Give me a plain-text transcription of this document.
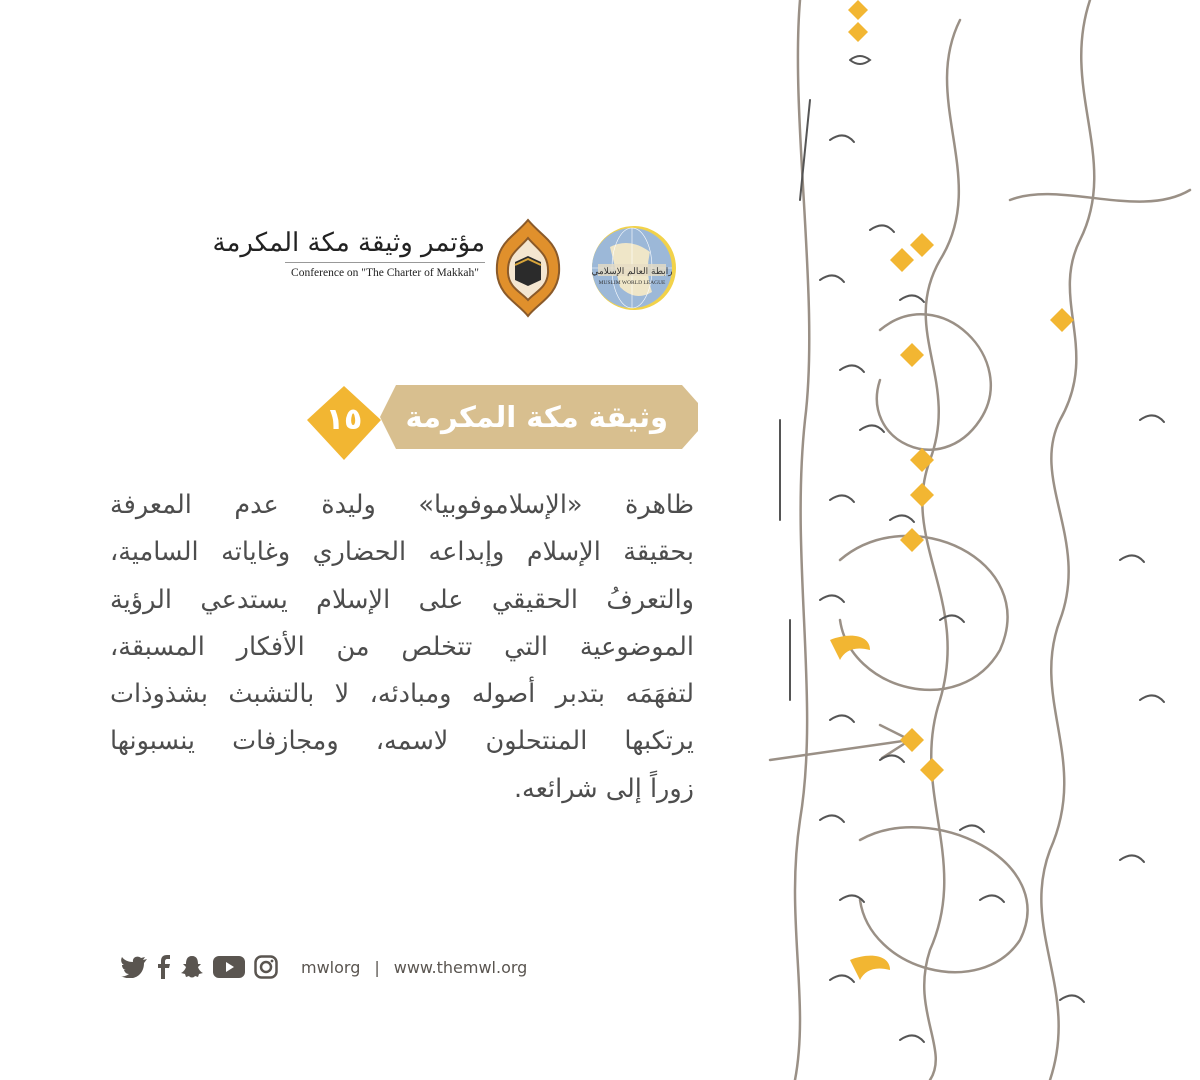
مؤتمر وثيقة مكة المكرمة
Conference on "The Charter of Makkah"	رابطة العالم الإسلامي
MUSLIM WORLD LEAGUE
وثيقة مكة المكرمة
١٥
ظاهرة «الإسلاموفوبيا» وليدة عدم المعرفة
بحقيقة الإسلام وإبداعه الحضاري وغاياته السامية،
والتعرفُ الحقيقي على الإسلام يستدعي الرؤية
الموضوعية التي تتخلص من الأفكار المسبقة،
لتفهَمَه بتدبر أصوله ومبادئه، لا بالتشبث بشذوذات
يرتكبها المنتحلون لاسمه، ومجازفات ينسبونها
زوراً إلى شرائعه.
mwlorg | www.themwl.org
